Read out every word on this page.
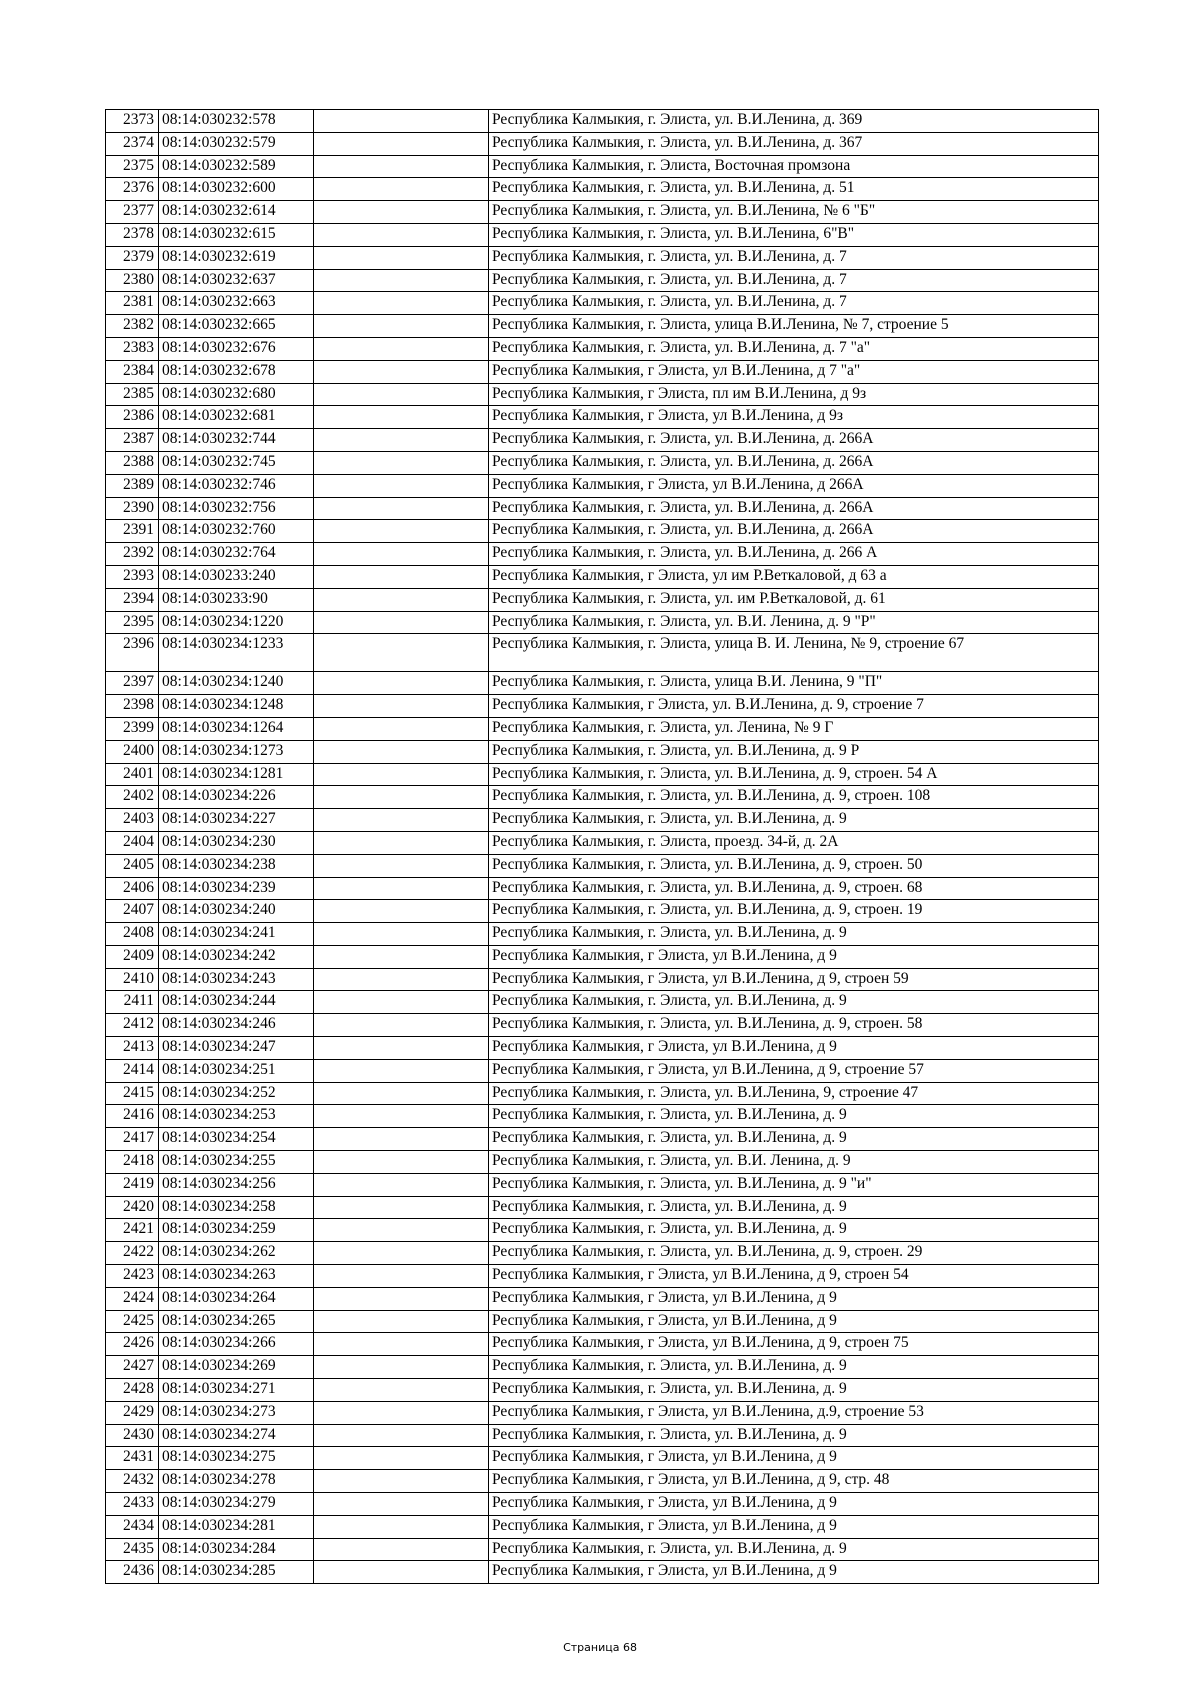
2373	08:14:030232:578		Республика Калмыкия, г. Элиста, ул. В.И.Ленина, д. 369
2374	08:14:030232:579		Республика Калмыкия, г. Элиста, ул. В.И.Ленина, д. 367
2375	08:14:030232:589		Республика Калмыкия, г. Элиста, Восточная промзона
2376	08:14:030232:600		Республика Калмыкия, г. Элиста, ул. В.И.Ленина, д. 51
2377	08:14:030232:614		Республика Калмыкия, г. Элиста, ул. В.И.Ленина, № 6 "Б"
2378	08:14:030232:615		Республика Калмыкия, г. Элиста, ул. В.И.Ленина, 6"В"
2379	08:14:030232:619		Республика Калмыкия, г. Элиста, ул. В.И.Ленина, д. 7
2380	08:14:030232:637		Республика Калмыкия, г. Элиста, ул. В.И.Ленина, д. 7
2381	08:14:030232:663		Республика Калмыкия, г. Элиста, ул. В.И.Ленина, д. 7
2382	08:14:030232:665		Республика Калмыкия, г. Элиста, улица В.И.Ленина, № 7, строение 5
2383	08:14:030232:676		Республика Калмыкия, г. Элиста, ул. В.И.Ленина, д. 7 "а"
2384	08:14:030232:678		Республика Калмыкия, г Элиста, ул В.И.Ленина, д 7 "а"
2385	08:14:030232:680		Республика Калмыкия, г Элиста, пл им В.И.Ленина, д 9з
2386	08:14:030232:681		Республика Калмыкия, г Элиста, ул В.И.Ленина, д 9з
2387	08:14:030232:744		Республика Калмыкия, г. Элиста, ул. В.И.Ленина, д. 266А
2388	08:14:030232:745		Республика Калмыкия, г. Элиста, ул. В.И.Ленина, д. 266А
2389	08:14:030232:746		Республика Калмыкия, г Элиста, ул В.И.Ленина, д 266А
2390	08:14:030232:756		Республика Калмыкия, г. Элиста, ул. В.И.Ленина, д. 266А
2391	08:14:030232:760		Республика Калмыкия, г. Элиста, ул. В.И.Ленина, д. 266А
2392	08:14:030232:764		Республика Калмыкия, г. Элиста, ул. В.И.Ленина, д. 266 А
2393	08:14:030233:240		Республика Калмыкия, г Элиста, ул им Р.Веткаловой, д 63 а
2394	08:14:030233:90		Республика Калмыкия, г. Элиста, ул. им Р.Веткаловой, д. 61
2395	08:14:030234:1220		Республика Калмыкия, г. Элиста, ул. В.И. Ленина, д. 9 "Р"
2396	08:14:030234:1233		Республика Калмыкия, г. Элиста, улица В. И. Ленина, № 9, строение 67
2397	08:14:030234:1240		Республика Калмыкия, г. Элиста, улица В.И. Ленина, 9 "П"
2398	08:14:030234:1248		Республика Калмыкия, г Элиста, ул. В.И.Ленина, д. 9, строение 7
2399	08:14:030234:1264		Республика Калмыкия, г. Элиста, ул. Ленина, № 9 Г
2400	08:14:030234:1273		Республика Калмыкия, г. Элиста, ул. В.И.Ленина, д. 9 Р
2401	08:14:030234:1281		Республика Калмыкия, г. Элиста, ул. В.И.Ленина, д. 9, строен. 54 А
2402	08:14:030234:226		Республика Калмыкия, г. Элиста, ул. В.И.Ленина, д. 9, строен. 108
2403	08:14:030234:227		Республика Калмыкия, г. Элиста, ул. В.И.Ленина, д. 9
2404	08:14:030234:230		Республика Калмыкия, г. Элиста, проезд. 34-й, д. 2А
2405	08:14:030234:238		Республика Калмыкия, г. Элиста, ул. В.И.Ленина, д. 9, строен. 50
2406	08:14:030234:239		Республика Калмыкия, г. Элиста, ул. В.И.Ленина, д. 9, строен. 68
2407	08:14:030234:240		Республика Калмыкия, г. Элиста, ул. В.И.Ленина, д. 9, строен. 19
2408	08:14:030234:241		Республика Калмыкия, г. Элиста, ул. В.И.Ленина, д. 9
2409	08:14:030234:242		Республика Калмыкия, г Элиста, ул В.И.Ленина, д 9
2410	08:14:030234:243		Республика Калмыкия, г Элиста, ул В.И.Ленина, д 9, строен 59
2411	08:14:030234:244		Республика Калмыкия, г. Элиста, ул. В.И.Ленина, д. 9
2412	08:14:030234:246		Республика Калмыкия, г. Элиста, ул. В.И.Ленина, д. 9, строен. 58
2413	08:14:030234:247		Республика Калмыкия, г Элиста, ул В.И.Ленина, д 9
2414	08:14:030234:251		Республика Калмыкия, г Элиста, ул В.И.Ленина, д 9, строение 57
2415	08:14:030234:252		Республика Калмыкия, г. Элиста, ул. В.И.Ленина, 9, строение 47
2416	08:14:030234:253		Республика Калмыкия, г. Элиста, ул. В.И.Ленина, д. 9
2417	08:14:030234:254		Республика Калмыкия, г. Элиста, ул. В.И.Ленина, д. 9
2418	08:14:030234:255		Республика Калмыкия, г. Элиста, ул. В.И. Ленина, д. 9
2419	08:14:030234:256		Республика Калмыкия, г. Элиста, ул. В.И.Ленина, д. 9 "и"
2420	08:14:030234:258		Республика Калмыкия, г. Элиста, ул. В.И.Ленина, д. 9
2421	08:14:030234:259		Республика Калмыкия, г. Элиста, ул. В.И.Ленина, д. 9
2422	08:14:030234:262		Республика Калмыкия, г. Элиста, ул. В.И.Ленина, д. 9, строен. 29
2423	08:14:030234:263		Республика Калмыкия, г Элиста, ул В.И.Ленина, д 9, строен 54
2424	08:14:030234:264		Республика Калмыкия, г Элиста, ул В.И.Ленина, д 9
2425	08:14:030234:265		Республика Калмыкия, г Элиста, ул В.И.Ленина, д 9
2426	08:14:030234:266		Республика Калмыкия, г Элиста, ул В.И.Ленина, д 9, строен 75
2427	08:14:030234:269		Республика Калмыкия, г. Элиста, ул. В.И.Ленина, д. 9
2428	08:14:030234:271		Республика Калмыкия, г. Элиста, ул. В.И.Ленина, д. 9
2429	08:14:030234:273		Республика Калмыкия, г Элиста, ул В.И.Ленина, д.9, строение 53
2430	08:14:030234:274		Республика Калмыкия, г. Элиста, ул. В.И.Ленина, д. 9
2431	08:14:030234:275		Республика Калмыкия, г Элиста, ул В.И.Ленина, д 9
2432	08:14:030234:278		Республика Калмыкия, г Элиста, ул В.И.Ленина, д 9, стр. 48
2433	08:14:030234:279		Республика Калмыкия, г Элиста, ул В.И.Ленина, д 9
2434	08:14:030234:281		Республика Калмыкия, г Элиста, ул В.И.Ленина, д 9
2435	08:14:030234:284		Республика Калмыкия, г. Элиста, ул. В.И.Ленина, д. 9
2436	08:14:030234:285		Республика Калмыкия, г Элиста, ул В.И.Ленина, д 9
Страница 68
